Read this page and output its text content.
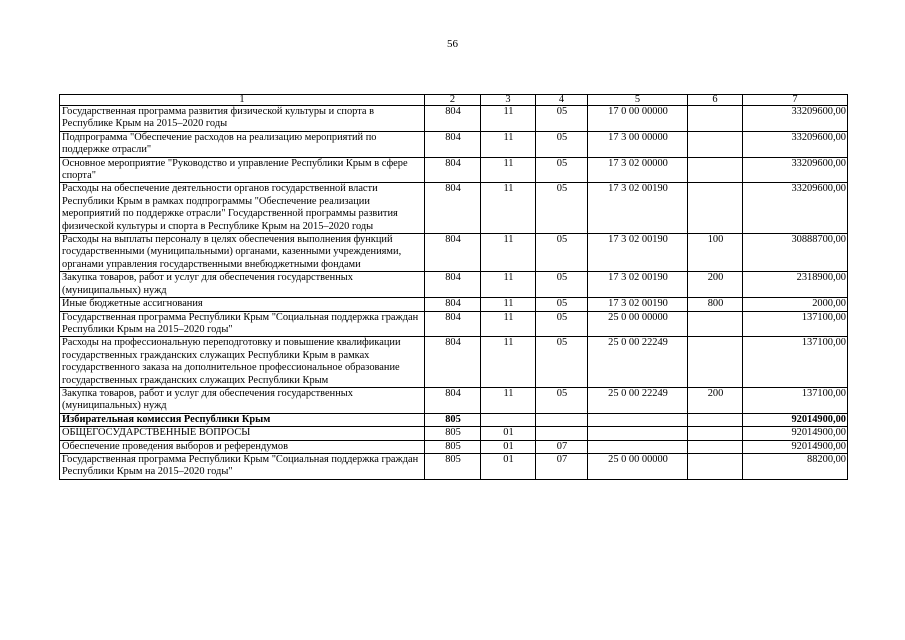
56
1	2	3	4	5	6	7
Государственная программа развития физической культуры и спорта в Республике Крым на 2015–2020 годы	804	11	05	17 0 00 00000		33209600,00
Подпрограмма "Обеспечение расходов на реализацию мероприятий по поддержке отрасли"	804	11	05	17 3 00 00000		33209600,00
Основное мероприятие "Руководство и управление Республики Крым в сфере спорта"	804	11	05	17 3 02 00000		33209600,00
Расходы на обеспечение деятельности органов государственной власти Республики Крым в рамках подпрограммы "Обеспечение реализации мероприятий по поддержке отрасли" Государственной программы развития физической культуры и спорта в Республике Крым на 2015–2020 годы	804	11	05	17 3 02 00190		33209600,00
Расходы на выплаты персоналу в целях обеспечения выполнения функций государственными (муниципальными) органами, казенными учреждениями, органами управления государственными внебюджетными фондами	804	11	05	17 3 02 00190	100	30888700,00
Закупка товаров, работ и услуг для обеспечения государственных (муниципальных) нужд	804	11	05	17 3 02 00190	200	2318900,00
Иные бюджетные ассигнования	804	11	05	17 3 02 00190	800	2000,00
Государственная программа Республики Крым "Социальная поддержка граждан Республики Крым на 2015–2020 годы"	804	11	05	25 0 00 00000		137100,00
Расходы на профессиональную переподготовку и повышение квалификации государственных гражданских служащих Республики Крым в рамках государственного заказа на дополнительное профессиональное образование государственных гражданских служащих Республики Крым	804	11	05	25 0 00 22249		137100,00
Закупка товаров, работ и услуг для обеспечения государственных (муниципальных) нужд	804	11	05	25 0 00 22249	200	137100,00
Избирательная комиссия Республики Крым	805					92014900,00
ОБЩЕГОСУДАРСТВЕННЫЕ ВОПРОСЫ	805	01				92014900,00
Обеспечение проведения выборов и референдумов	805	01	07			92014900,00
Государственная программа Республики Крым "Социальная поддержка граждан Республики Крым на 2015–2020 годы"	805	01	07	25 0 00 00000		88200,00
